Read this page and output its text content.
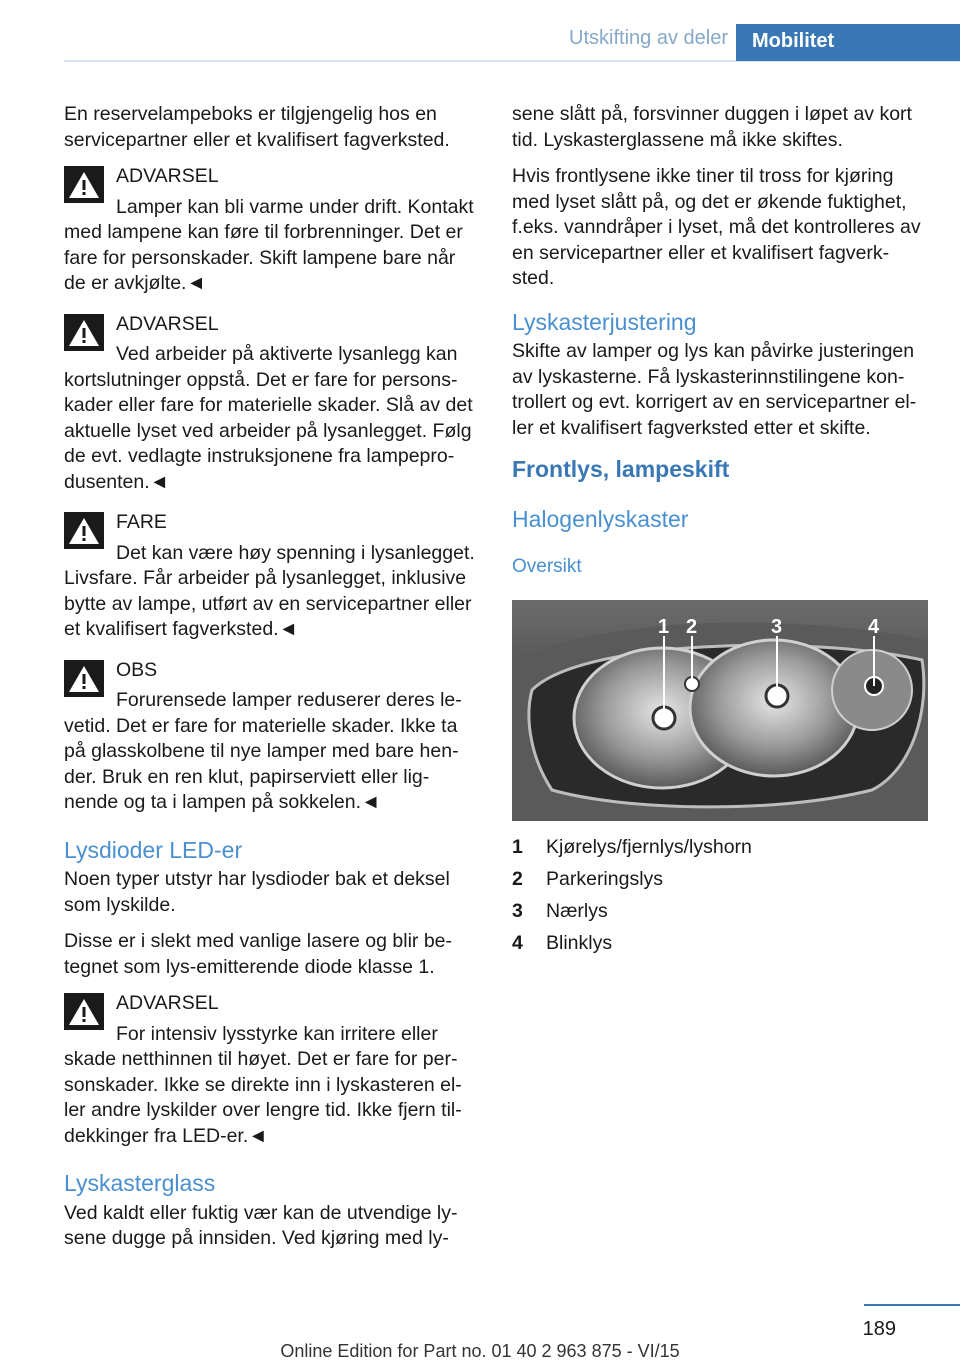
Utskifting av deler	Mobilitet

En reservelampeboks er tilgjengelig hos en servicepartner eller et kvalifisert fagverksted.

ADVARSEL
Lamper kan bli varme under drift. Kontakt
med lampene kan føre til forbrenninger. Det er fare for personskader. Skift lampene bare når de er avkjølte.◄
ADVARSEL
Ved arbeider på aktiverte lysanlegg kan
kortslutninger oppstå. Det er fare for persons-kader eller fare for materielle skader. Slå av det aktuelle lyset ved arbeider på lysanlegget. Følg de evt. vedlagte instruksjonene fra lampepro-dusenten.◄
FARE
Det kan være høy spenning i lysanlegget.
Livsfare. Får arbeider på lysanlegget, inklusive bytte av lampe, utført av en servicepartner eller et kvalifisert fagverksted.◄
OBS
Forurensede lamper reduserer deres le-
vetid. Det er fare for materielle skader. Ikke ta på glasskolbene til nye lamper med bare hen-der. Bruk en ren klut, papirserviett eller lig-nende og ta i lampen på sokkelen.◄
Lysdioder LED-er

Noen typer utstyr har lysdioder bak et deksel som lyskilde.

Disse er i slekt med vanlige lasere og blir be-tegnet som lys-emitterende diode klasse 1.

ADVARSEL
For intensiv lysstyrke kan irritere eller
skade netthinnen til høyet. Det er fare for per-sonskader. Ikke se direkte inn i lyskasteren el-ler andre lyskilder over lengre tid. Ikke fjern til-dekkinger fra LED-er.◄
Lyskasterglass

Ved kaldt eller fuktig vær kan de utvendige ly-sene dugge på innsiden. Ved kjøring med ly-

sene slått på, forsvinner duggen i løpet av kort tid. Lyskasterglassene må ikke skiftes.

Hvis frontlysene ikke tiner til tross for kjøring med lyset slått på, og det er økende fuktighet, f.eks. vanndråper i lyset, må det kontrolleres av en servicepartner eller et kvalifisert fagverk-sted.

Lyskasterjustering

Skifte av lamper og lys kan påvirke justeringen av lyskasterne. Få lyskasterinnstilingene kon-trollert og evt. korrigert av en servicepartner el-ler et kvalifisert fagverksted etter et skifte.

Frontlys, lampeskift
Halogenlyskaster
Oversikt
1 2	3	4
1 Kjørelys/fjernlys/lyshorn
2 Parkeringslys
3 Nærlys
4 Blinklys
189
Online Edition for Part no. 01 40 2 963 875 - VI/15
